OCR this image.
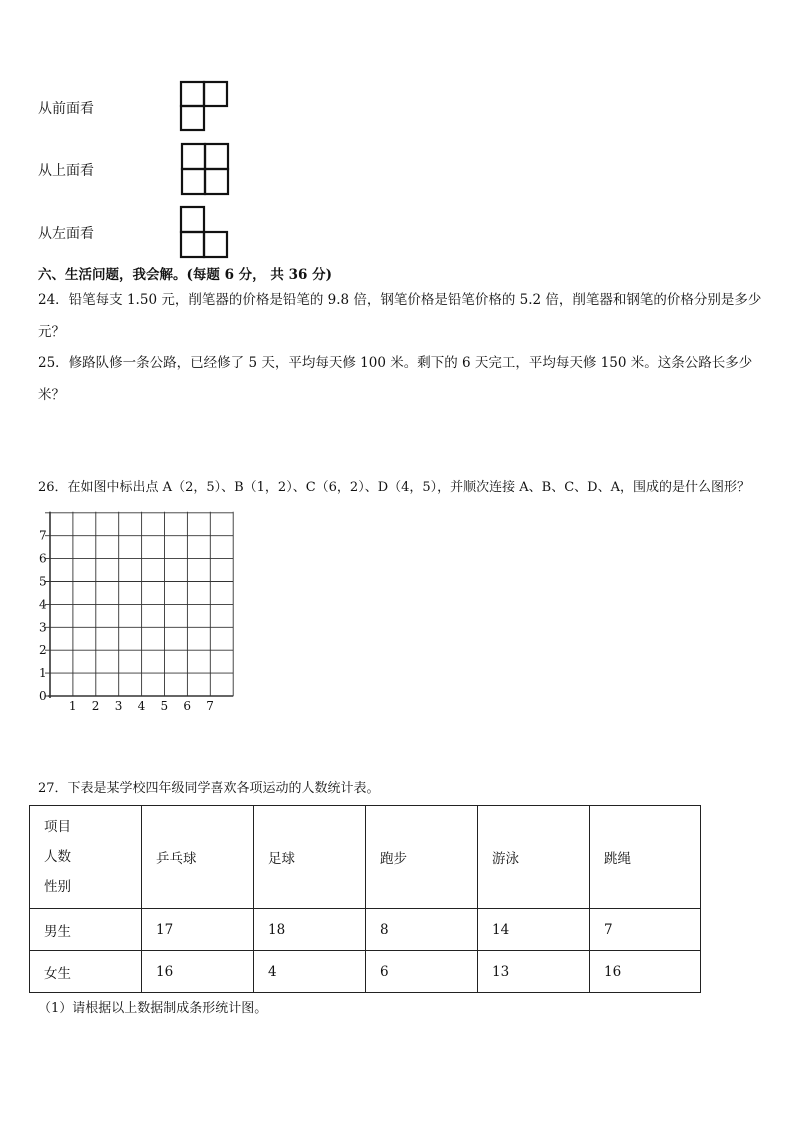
从前面看
从上面看
从左面看
六、生活问题，我会解。(每题 6 分， 共 36 分)
24．铅笔每支 1.50 元，削笔器的价格是铅笔的 9.8 倍，钢笔价格是铅笔价格的 5.2 倍，削笔器和钢笔的价格分别是多少
元？
25．修路队修一条公路，已经修了 5 天，平均每天修 100 米。剩下的 6 天完工，平均每天修 150 米。这条公路长多少
米？
26．在如图中标出点 A（2，5）、B（1，2）、C（6，2）、D（4，5），并顺次连接 A、B、C、D、A，围成的是什么图形？
0
1 2 3 4 5 6 7
1
2
3
4
5
6
7
27．下表是某学校四年级同学喜欢各项运动的人数统计表。
项目
人数
性别	乒乓球	足球	跑步	游泳	跳绳
男生	17	18	8	14	7
女生	16	4	6	13	16
（1）请根据以上数据制成条形统计图。
